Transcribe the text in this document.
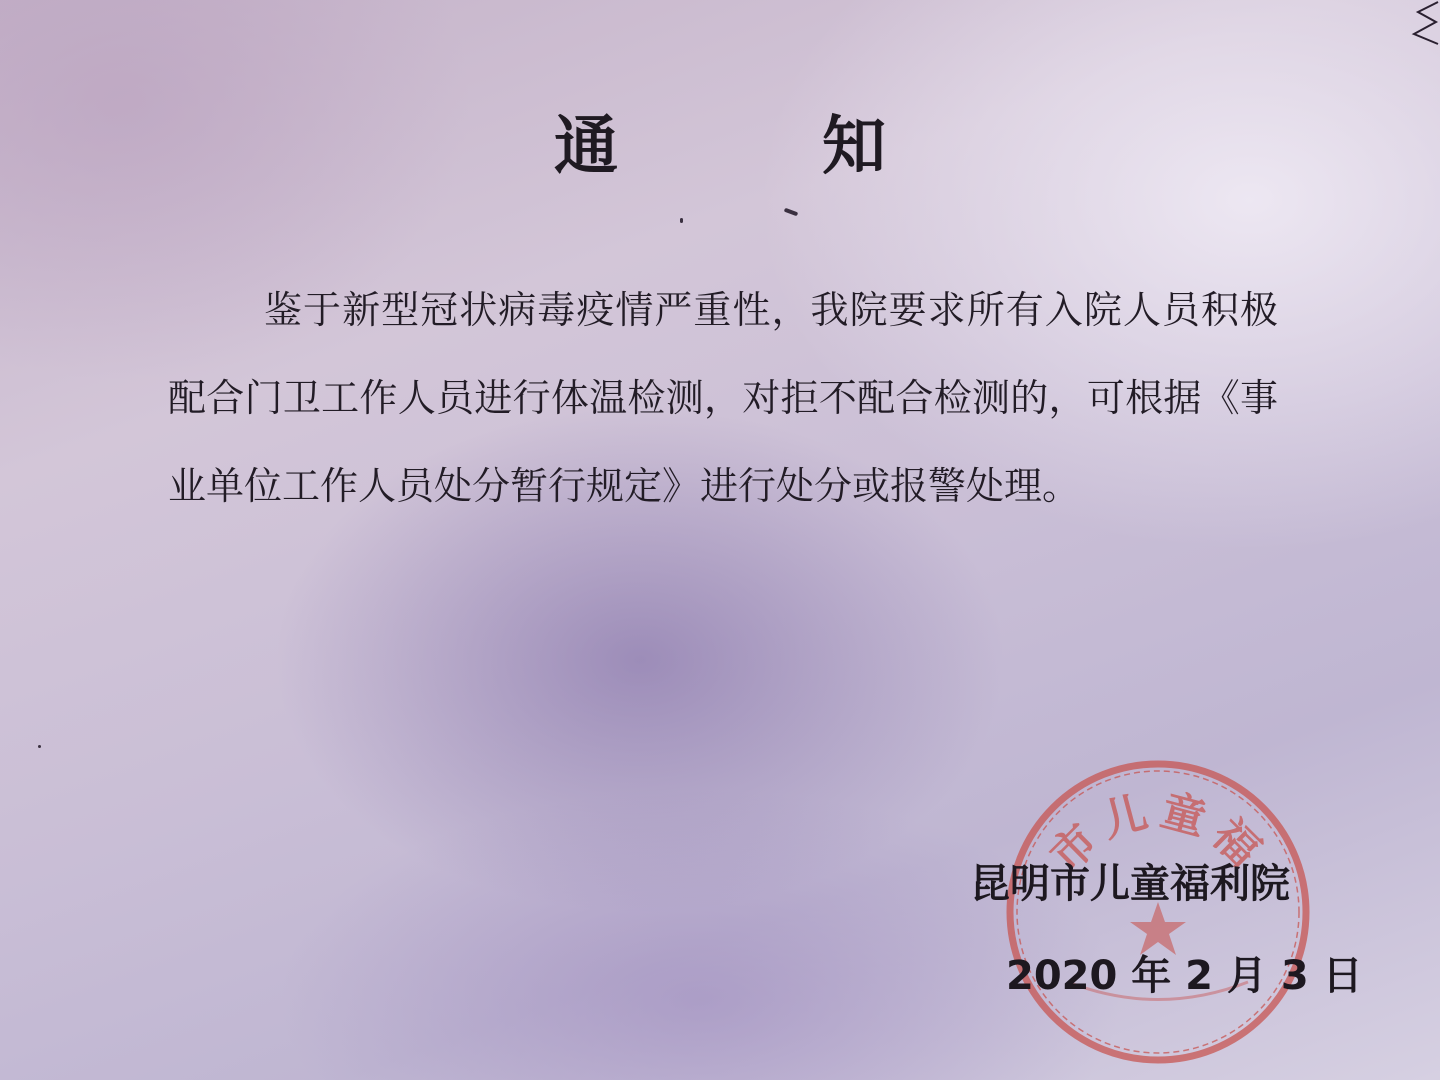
通　知

鉴于新型冠状病毒疫情严重性，我院要求所有入院人员积极配合门卫工作人员进行体温检测，对拒不配合检测的，可根据《事业单位工作人员处分暂行规定》进行处分或报警处理。

市儿童福
昆明市儿童福利院
2020 年 2 月 3 日
